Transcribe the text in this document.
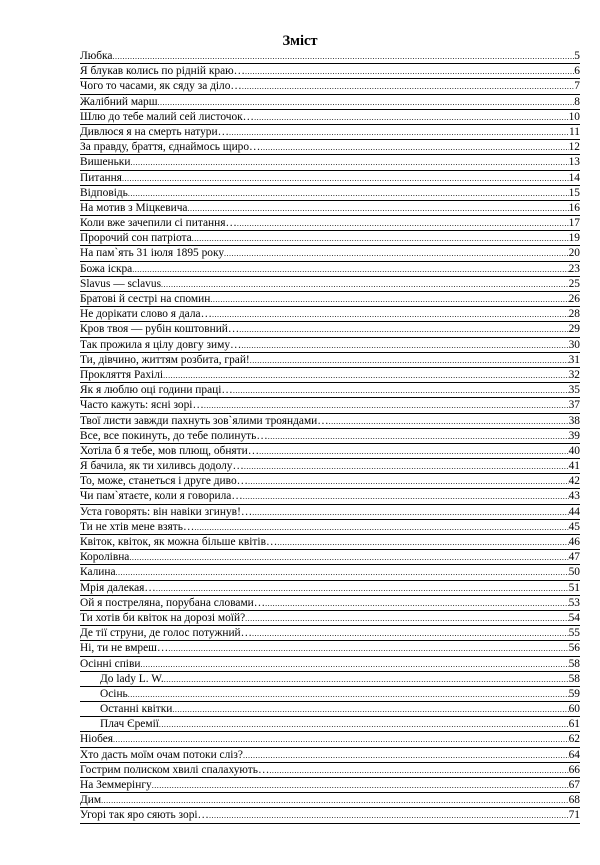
Зміст
Любка .....	5
Я блукав колись по рідній краю… .....	6
Чого то часами, як сяду за діло… .....	7
Жалібний марш .....	8
Шлю до тебе малий сей листочок… .....	10
Дивлюся я на смерть натури… .....	11
За правду, браття, єднаймось щиро… .....	12
Вишеньки .....	13
Питання .....	14
Відповідь .....	15
На мотив з Міцкевича .....	16
Коли вже зачепили сі питання… .....	17
Пророчий сон патріота .....	19
На пам`ять 31 іюля 1895 року .....	20
Божа іскра .....	23
Slavus — sclavus .....	25
Братові й сестрі на спомин .....	26
Не дорікати слово я дала… .....	28
Кров твоя — рубін коштовний… .....	29
Так прожила я цілу довгу зиму… .....	30
Ти, дівчино, життям розбита, грай! .....	31
Прокляття Рахілі .....	32
Як я люблю оці години праці… .....	35
Часто кажуть: ясні зорі… .....	37
Твої листи завжди пахнуть зов`ялими трояндами… .....	38
Все, все покинуть, до тебе полинуть… .....	39
Хотіла б я тебе, мов плющ, обняти… .....	40
Я бачила, як ти хиливсь додолу… .....	41
То, може, станеться і друге диво… .....	42
Чи пам`ятаєте, коли я говорила… .....	43
Уста говорять: він навіки згинув!… .....	44
Ти не хтів мене взять… .....	45
Квіток, квіток, як можна більше квітів… .....	46
Королівна .....	47
Калина .....	50
Мрія далекая… .....	51
Ой я постреляна, порубана словами… .....	53
Ти хотів би квіток на дорозі моїй? .....	54
Де тії струни, де голос потужний… .....	55
Ні, ти не вмреш… .....	56
Осінні співи .....	58
До lady L. W. .....	58
Осінь .....	59
Останні квітки .....	60
Плач Єремії .....	61
Ніобея .....	62
Хто дасть моїм очам потоки сліз? .....	64
Гострим полиском хвилі спалахують… .....	66
На Земмерінгу .....	67
Дим .....	68
Угорі так яро сяють зорі… .....	71
